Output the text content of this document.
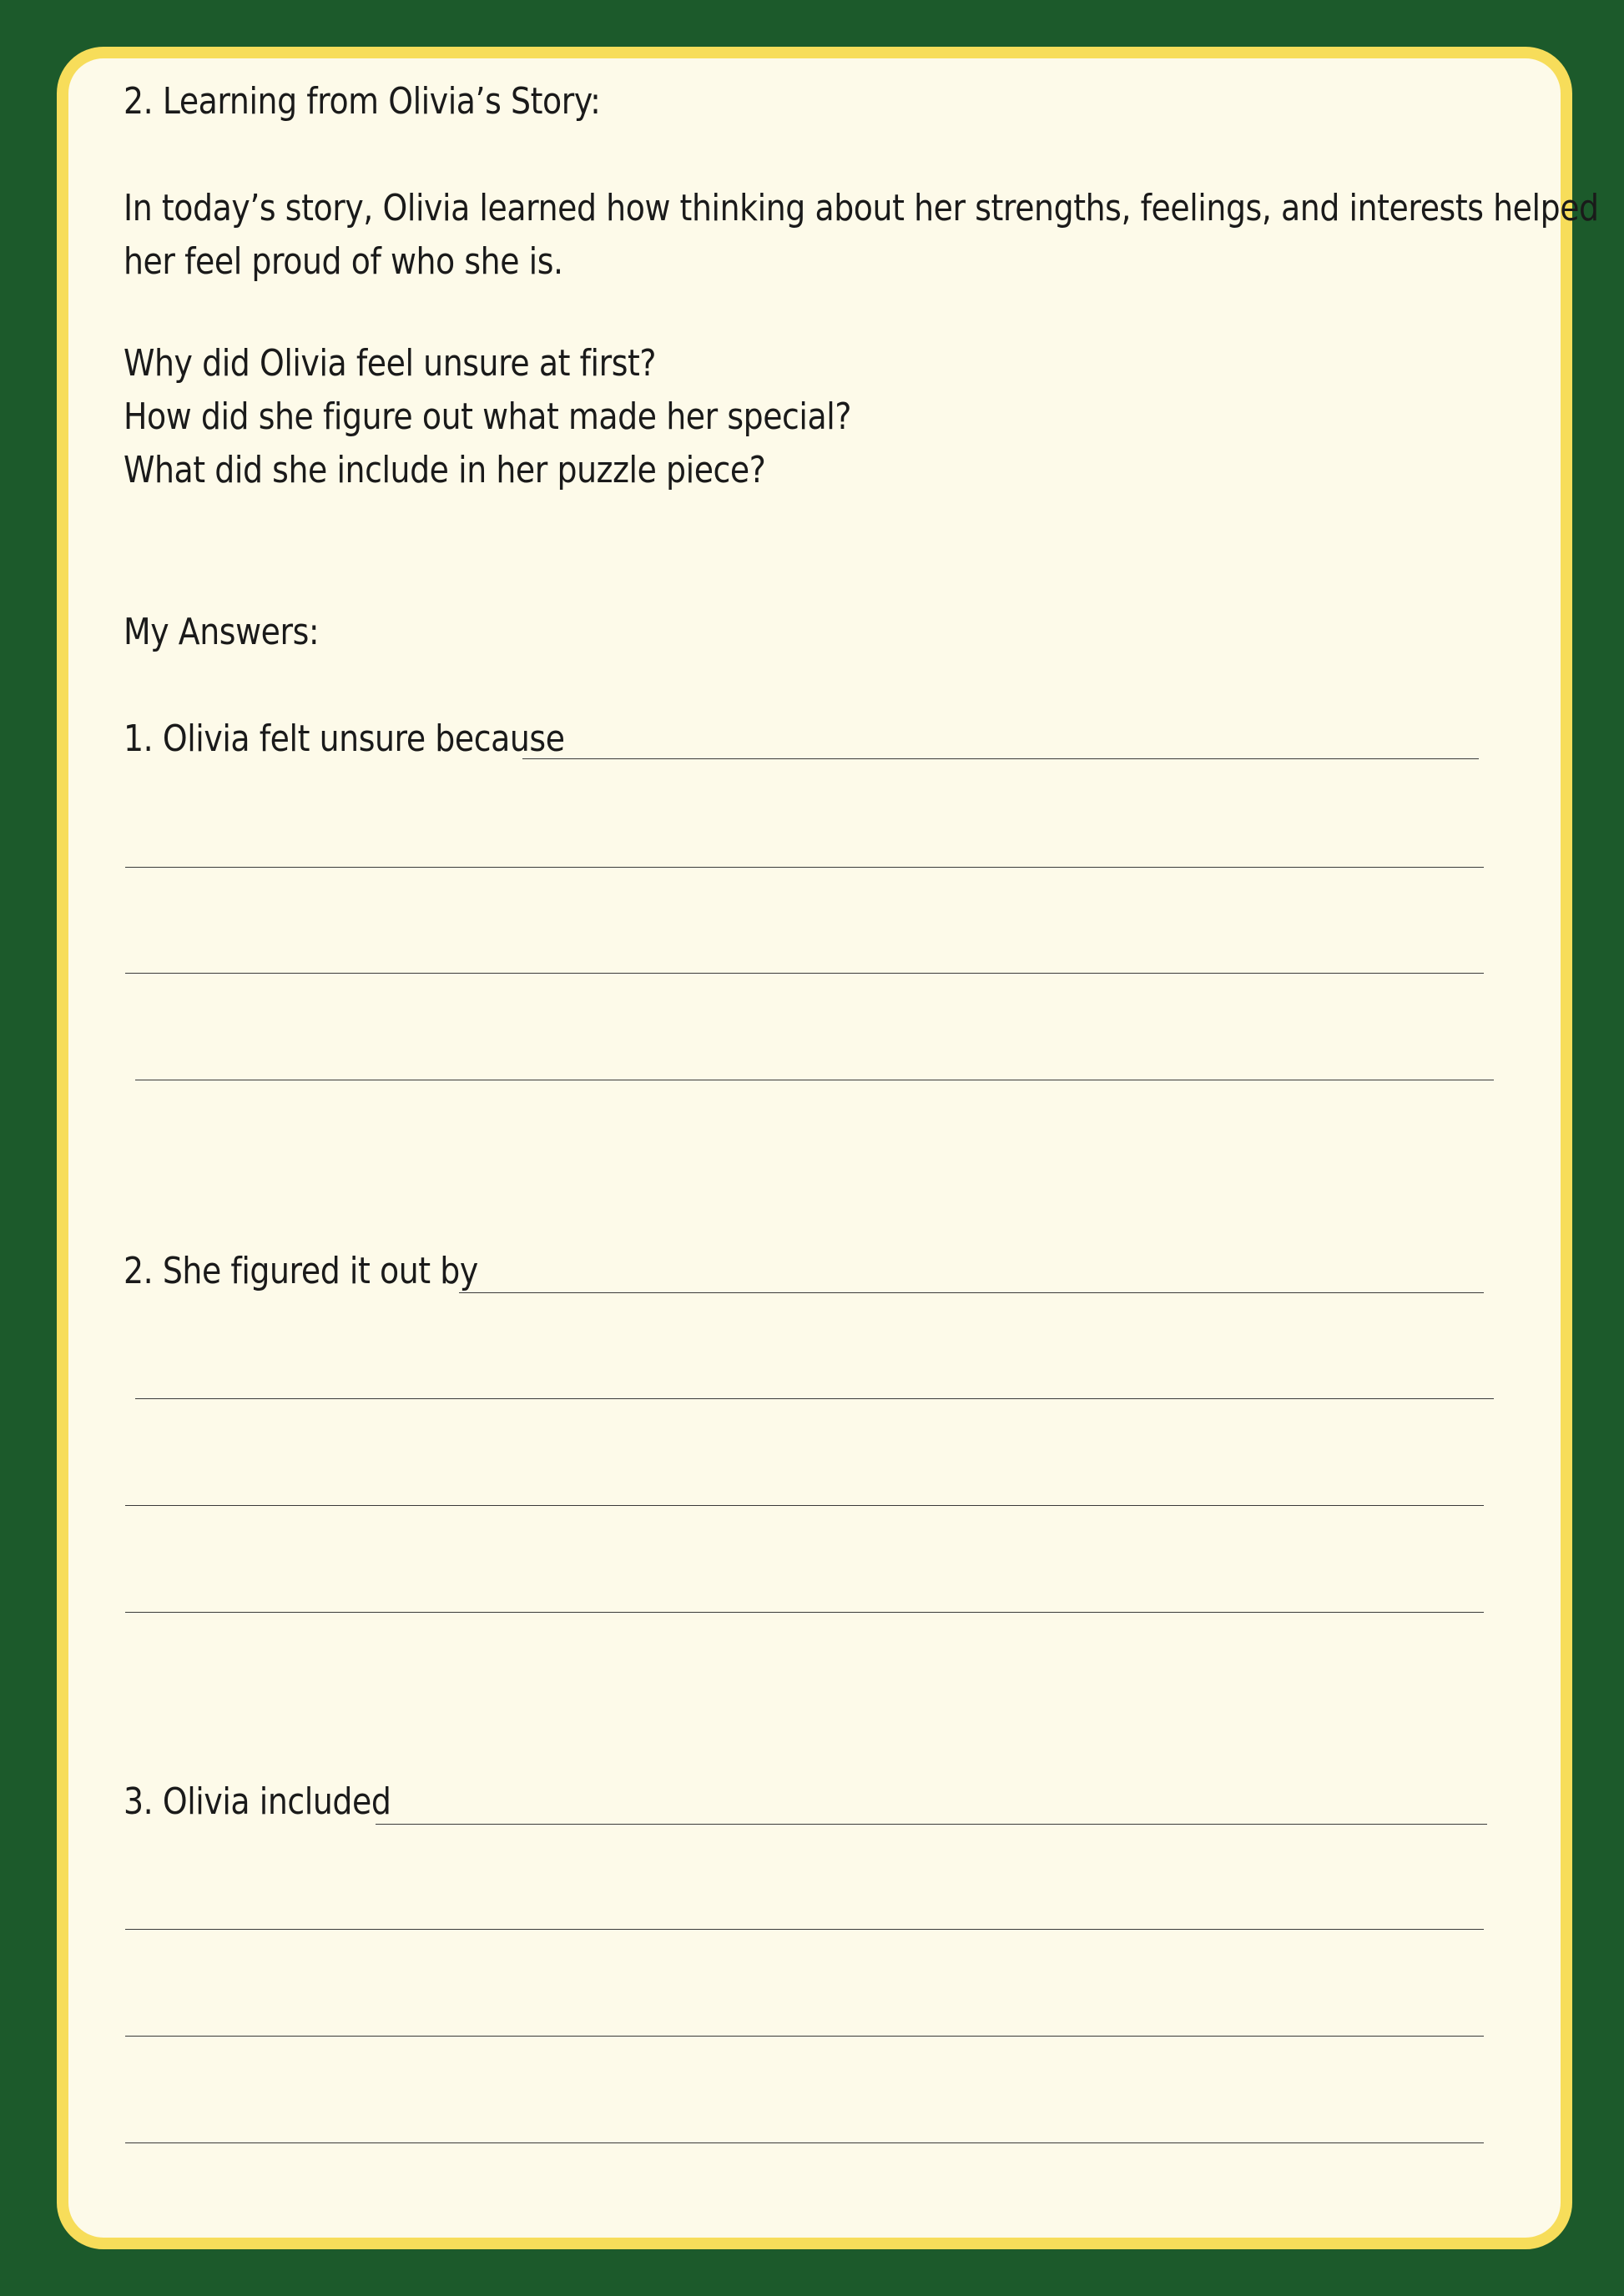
2. Learning from Olivia’s Story:
In today’s story, Olivia learned how thinking about her strengths, feelings, and interests helped
her feel proud of who she is.
Why did Olivia feel unsure at first?
How did she figure out what made her special?
What did she include in her puzzle piece?
My Answers:
1. Olivia felt unsure because
2. She figured it out by
3. Olivia included
